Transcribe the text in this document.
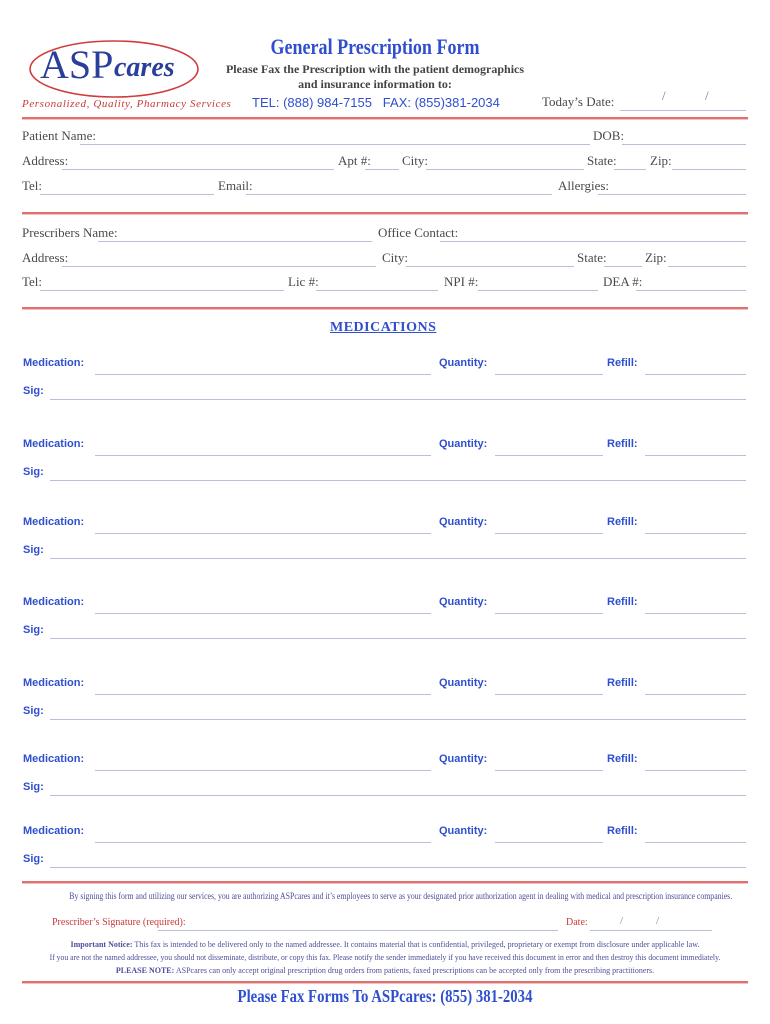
ASP cares
Personalized, Quality, Pharmacy Services
General Prescription Form
Please Fax the Prescription with the patient demographics
and insurance information to:
TEL: (888) 984-7155   FAX: (855)381-2034	Today’s Date:	/	/
Patient Name:	DOB:
Address:	Apt #: City:	State:	Zip:
Tel:	Email:	Allergies:
Prescribers Name:	Office Contact:
Address:	City:	State:	Zip:
Tel:	Lic #:	NPI #:	DEA #:
MEDICATIONS
Medication:	Quantity:	Refill:
Sig:
Medication:	Quantity:	Refill:
Sig:
Medication:	Quantity:	Refill:
Sig:
Medication:	Quantity:	Refill:
Sig:
Medication:	Quantity:	Refill:
Sig:
Medication:	Quantity:	Refill:
Sig:
Medication:	Quantity:	Refill:
Sig:
By signing this form and utilizing our services, you are authorizing ASPcares and it’s employees to serve as your designated prior authorization agent in dealing with medical and prescription insurance companies.
Prescriber’s Signature (required):	Date:	/	/
Important Notice: This fax is intended to be delivered only to the named addressee. It contains material that is confidential, privileged, proprietary or exempt from disclosure under applicable law.
If you are not the named addressee, you should not disseminate, distribute, or copy this fax. Please notify the sender immediately if you have received this document in error and then destroy this document immediately.
PLEASE NOTE: ASPcares can only accept original prescription drug orders from patients, faxed prescriptions can be accepted only from the prescribing practitioners.
Please Fax Forms To ASPcares: (855) 381-2034
